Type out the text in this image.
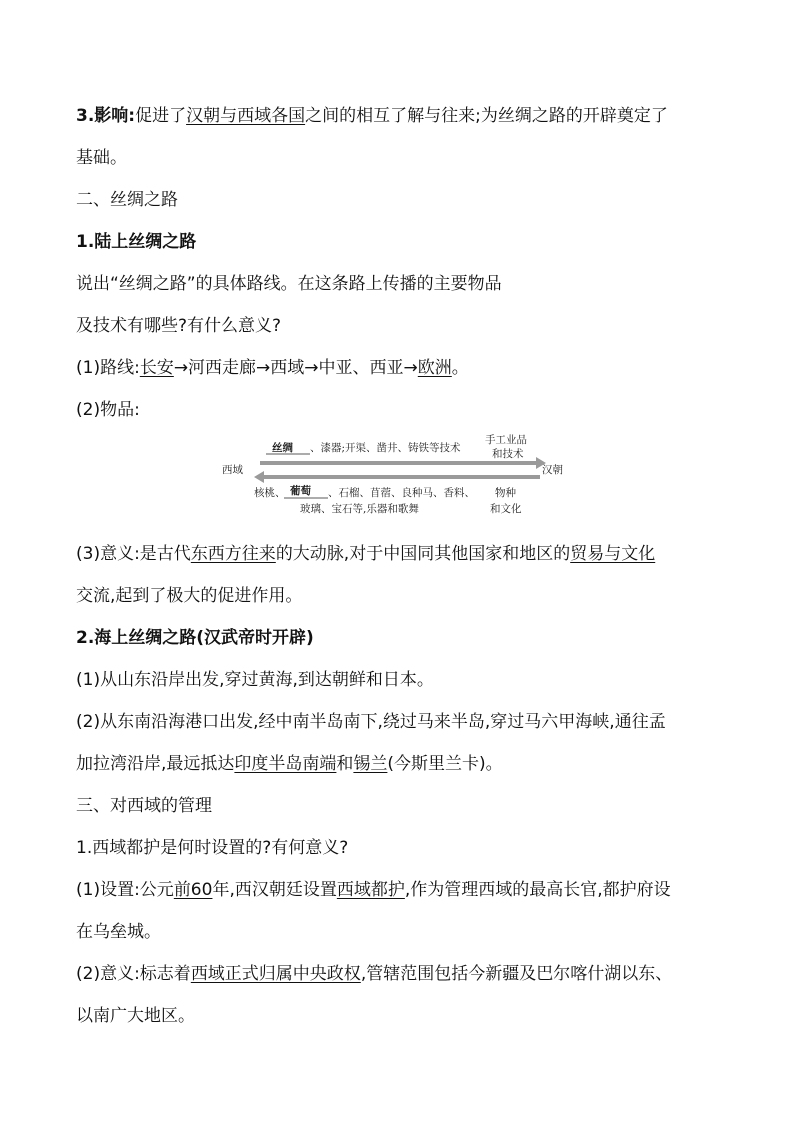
3.影响:促进了汉朝与西域各国之间的相互了解与往来;为丝绸之路的开辟奠定了
基础。
二、丝绸之路
1.陆上丝绸之路
说出“丝绸之路”的具体路线。在这条路上传播的主要物品
及技术有哪些?有什么意义?
(1)路线:长安→河西走廊→西域→中亚、西亚→欧洲。
(2)物品:
丝绸 、漆器;开渠、凿井、铸铁等技术
手工业品
和技术
西域	汉朝
核桃、 葡萄 、石榴、苜蓿、良种马、香料、
玻璃、宝石等,乐器和歌舞
物种
和文化
(3)意义:是古代东西方往来的大动脉,对于中国同其他国家和地区的贸易与文化
交流,起到了极大的促进作用。
2.海上丝绸之路(汉武帝时开辟)
(1)从山东沿岸出发,穿过黄海,到达朝鲜和日本。
(2)从东南沿海港口出发,经中南半岛南下,绕过马来半岛,穿过马六甲海峡,通往孟
加拉湾沿岸,最远抵达印度半岛南端和锡兰(今斯里兰卡)。
三、对西域的管理
1.西域都护是何时设置的?有何意义?
(1)设置:公元前60年,西汉朝廷设置西域都护,作为管理西域的最高长官,都护府设
在乌垒城。
(2)意义:标志着西域正式归属中央政权,管辖范围包括今新疆及巴尔喀什湖以东、
以南广大地区。
